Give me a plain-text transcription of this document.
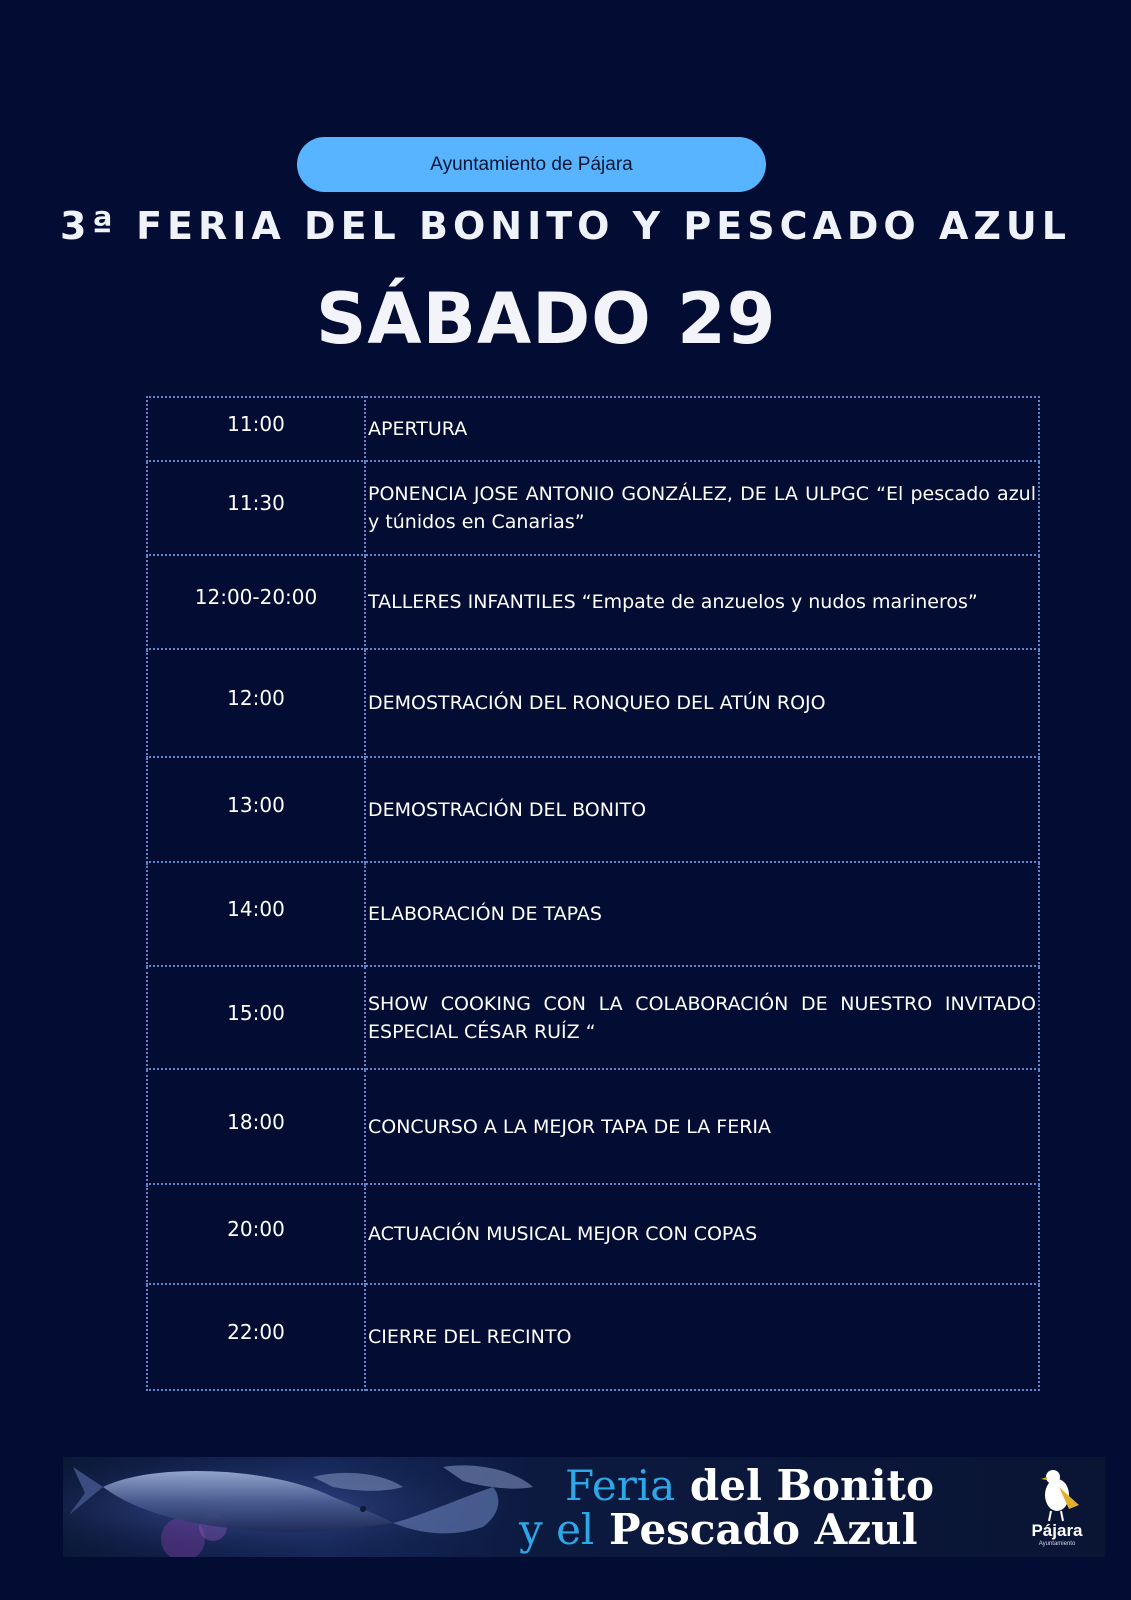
Ayuntamiento de Pájara
3ª FERIA DEL BONITO Y PESCADO AZUL
SÁBADO 29
11:00	APERTURA
11:30	PONENCIA JOSE ANTONIO GONZÁLEZ, DE LA ULPGC “El pescado azul y túnidos en Canarias”
12:00-20:00	TALLERES INFANTILES “Empate de anzuelos y nudos marineros”
12:00	DEMOSTRACIÓN DEL RONQUEO DEL ATÚN ROJO
13:00	DEMOSTRACIÓN DEL BONITO
14:00	ELABORACIÓN DE TAPAS
15:00	SHOW COOKING CON LA COLABORACIÓN DE NUESTRO INVITADO ESPECIAL CÉSAR RUÍZ “
18:00	CONCURSO A LA MEJOR TAPA DE LA FERIA
20:00	ACTUACIÓN MUSICAL MEJOR CON COPAS
22:00	CIERRE DEL RECINTO
Feria del Bonito
y el Pescado Azul	Pájara
Ayuntamiento
